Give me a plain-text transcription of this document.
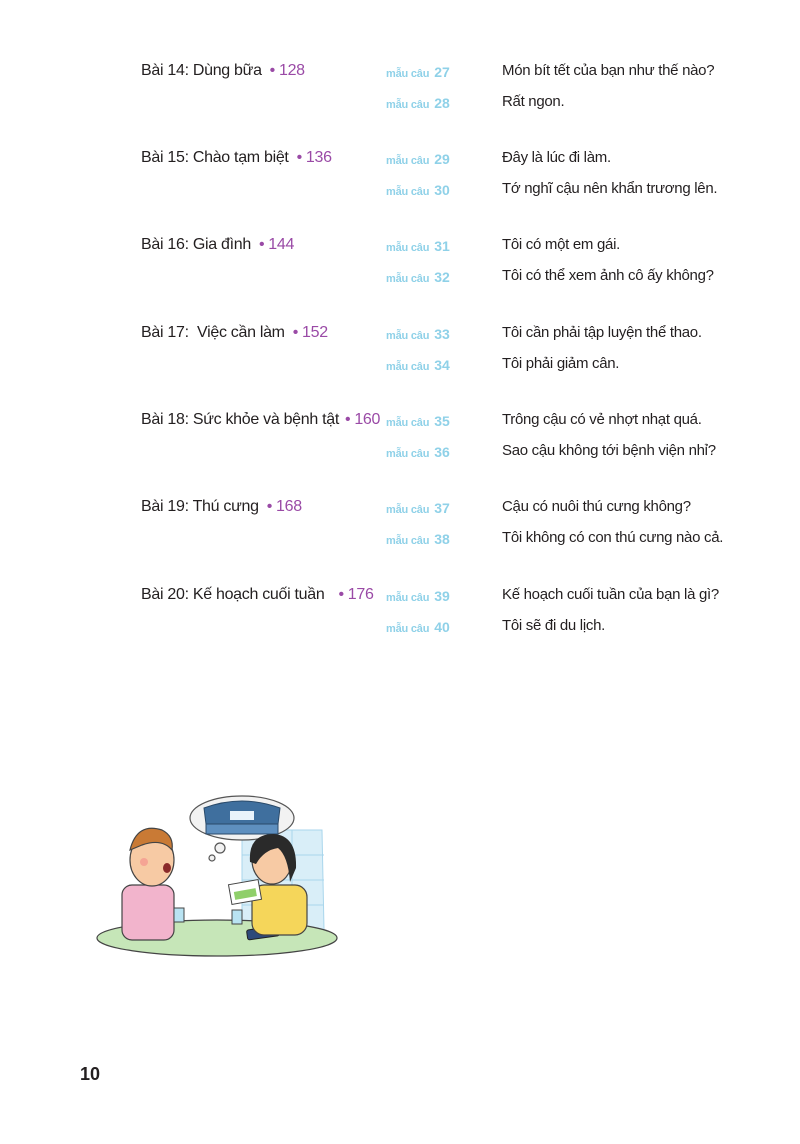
Bài 14: Dùng bữa • 128	mẫu câu 27	Món bít tết của bạn như thế nào?
mẫu câu 28	Rất ngon.
Bài 15: Chào tạm biệt • 136	mẫu câu 29	Đây là lúc đi làm.
mẫu câu 30	Tớ nghĩ cậu nên khẩn trương lên.
Bài 16: Gia đình • 144	mẫu câu 31	Tôi có một em gái.
mẫu câu 32	Tôi có thể xem ảnh cô ấy không?
Bài 17:  Việc cần làm • 152	mẫu câu 33	Tôi cần phải tập luyện thể thao.
mẫu câu 34	Tôi phải giảm cân.
Bài 18: Sức khỏe và bệnh tật • 160 mẫu câu 35	Trông cậu có vẻ nhợt nhạt quá.
mẫu câu 36	Sao cậu không tới bệnh viện nhỉ?
Bài 19: Thú cưng • 168	mẫu câu 37	Cậu có nuôi thú cưng không?
mẫu câu 38	Tôi không có con thú cưng nào cả.
Bài 20: Kế hoạch cuối tuần • 176 mẫu câu 39	Kế hoạch cuối tuần của bạn là gì?
mẫu câu 40	Tôi sẽ đi du lịch.
10
